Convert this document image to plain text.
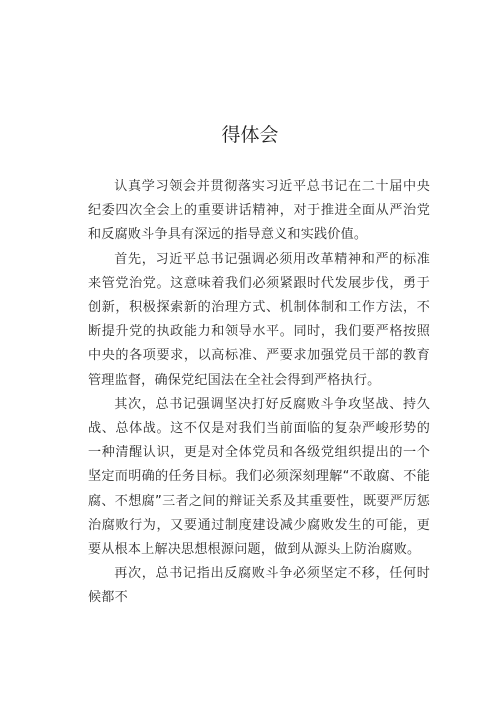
得体会

认真学习领会并贯彻落实习近平总书记在二十届中央纪委四次全会上的重要讲话精神，对于推进全面从严治党和反腐败斗争具有深远的指导意义和实践价值。

首先，习近平总书记强调必须用改革精神和严的标准来管党治党。这意味着我们必须紧跟时代发展步伐，勇于创新，积极探索新的治理方式、机制体制和工作方法，不断提升党的执政能力和领导水平。同时，我们要严格按照中央的各项要求，以高标准、严要求加强党员干部的教育管理监督，确保党纪国法在全社会得到严格执行。

其次，总书记强调坚决打好反腐败斗争攻坚战、持久战、总体战。这不仅是对我们当前面临的复杂严峻形势的一种清醒认识，更是对全体党员和各级党组织提出的一个坚定而明确的任务目标。我们必须深刻理解“不敢腐、不能腐、不想腐”三者之间的辩证关系及其重要性，既要严厉惩治腐败行为，又要通过制度建设减少腐败发生的可能，更要从根本上解决思想根源问题，做到从源头上防治腐败。

再次，总书记指出反腐败斗争必须坚定不移，任何时候都不
